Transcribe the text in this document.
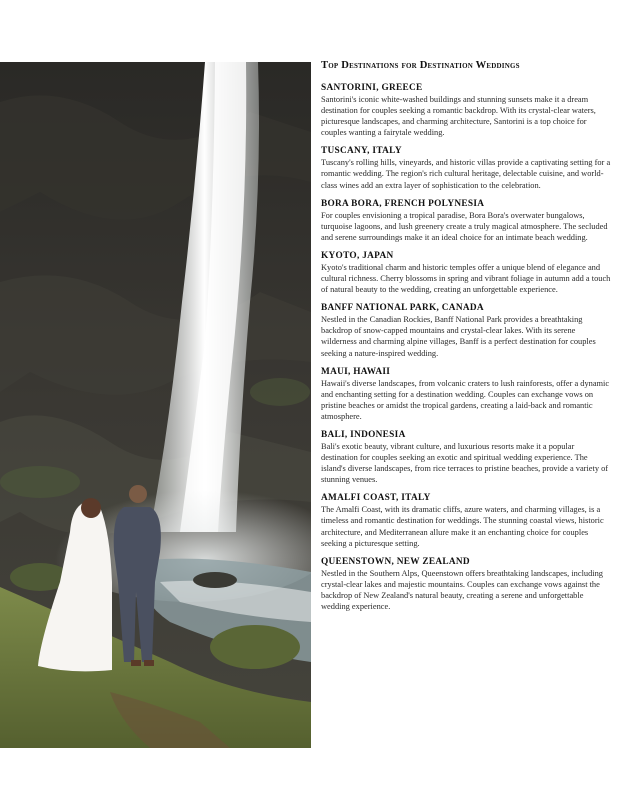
Top Destinations for Destination Weddings
SANTORINI, GREECE

Santorini's iconic white-washed buildings and stunning sunsets make it a dream destination for couples seeking a romantic backdrop. With its crystal-clear waters, picturesque landscapes, and charming architecture, Santorini is a top choice for couples wanting a fairytale wedding.

TUSCANY, ITALY

Tuscany's rolling hills, vineyards, and historic villas provide a captivating setting for a romantic wedding. The region's rich cultural heritage, delectable cuisine, and world-class wines add an extra layer of sophistication to the celebration.

BORA BORA, FRENCH POLYNESIA

For couples envisioning a tropical paradise, Bora Bora's overwater bungalows, turquoise lagoons, and lush greenery create a truly magical atmosphere. The secluded and serene surroundings make it an ideal choice for an intimate beach wedding.

KYOTO, JAPAN

Kyoto's traditional charm and historic temples offer a unique blend of elegance and cultural richness. Cherry blossoms in spring and vibrant foliage in autumn add a touch of natural beauty to the wedding, creating an unforgettable experience.

BANFF NATIONAL PARK, CANADA

Nestled in the Canadian Rockies, Banff National Park provides a breathtaking backdrop of snow-capped mountains and crystal-clear lakes. With its serene wilderness and charming alpine villages, Banff is a perfect destination for couples seeking a nature-inspired wedding.

MAUI, HAWAII

Hawaii's diverse landscapes, from volcanic craters to lush rainforests, offer a dynamic and enchanting setting for a destination wedding. Couples can exchange vows on pristine beaches or amidst the tropical gardens, creating a laid-back and romantic atmosphere.

BALI, INDONESIA

Bali's exotic beauty, vibrant culture, and luxurious resorts make it a popular destination for couples seeking an exotic and spiritual wedding experience. The island's diverse landscapes, from rice terraces to pristine beaches, provide a variety of stunning venues.

AMALFI COAST, ITALY

The Amalfi Coast, with its dramatic cliffs, azure waters, and charming villages, is a timeless and romantic destination for weddings. The stunning coastal views, historic architecture, and Mediterranean allure make it an enchanting choice for couples seeking a picturesque setting.

QUEENSTOWN, NEW ZEALAND

Nestled in the Southern Alps, Queenstown offers breathtaking landscapes, including crystal-clear lakes and majestic mountains. Couples can exchange vows against the backdrop of New Zealand's natural beauty, creating a serene and unforgettable wedding experience.
